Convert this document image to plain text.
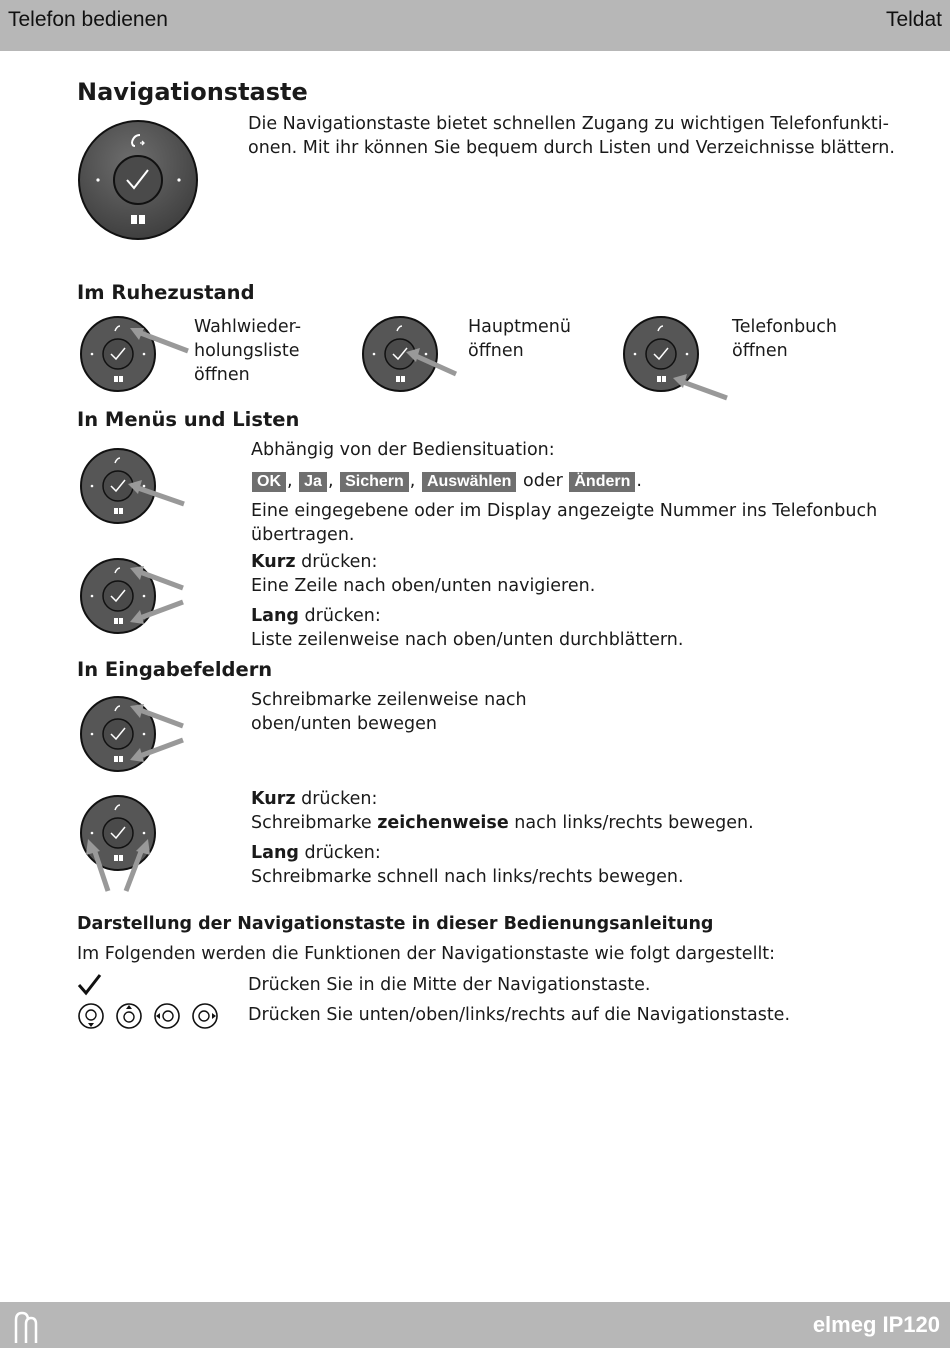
Telefon bedienen	Teldat
Navigationstaste
Die Navigationstaste bietet schnellen Zugang zu wichtigen Telefonfunkti-
onen. Mit ihr können Sie bequem durch Listen und Verzeichnisse blättern.
Im Ruhezustand
Wahlwieder-
holungsliste
öffnen
Hauptmenü
öffnen
Telefonbuch
öffnen
In Menüs und Listen
Abhängig von der Bediensituation:
OK , Ja , Sichern , Auswählen oder Ändern .
Eine eingegebene oder im Display angezeigte Nummer ins Telefonbuch
übertragen.
Kurz drücken:
Eine Zeile nach oben/unten navigieren.
Lang drücken:
Liste zeilenweise nach oben/unten durchblättern.
In Eingabefeldern
Schreibmarke zeilenweise nach
oben/unten bewegen
Kurz drücken:
Schreibmarke zeichenweise nach links/rechts bewegen.
Lang drücken:
Schreibmarke schnell nach links/rechts bewegen.
Darstellung der Navigationstaste in dieser Bedienungsanleitung
Im Folgenden werden die Funktionen der Navigationstaste wie folgt dargestellt:
Drücken Sie in die Mitte der Navigationstaste.
Drücken Sie unten/oben/links/rechts auf die Navigationstaste.
elmeg IP120
